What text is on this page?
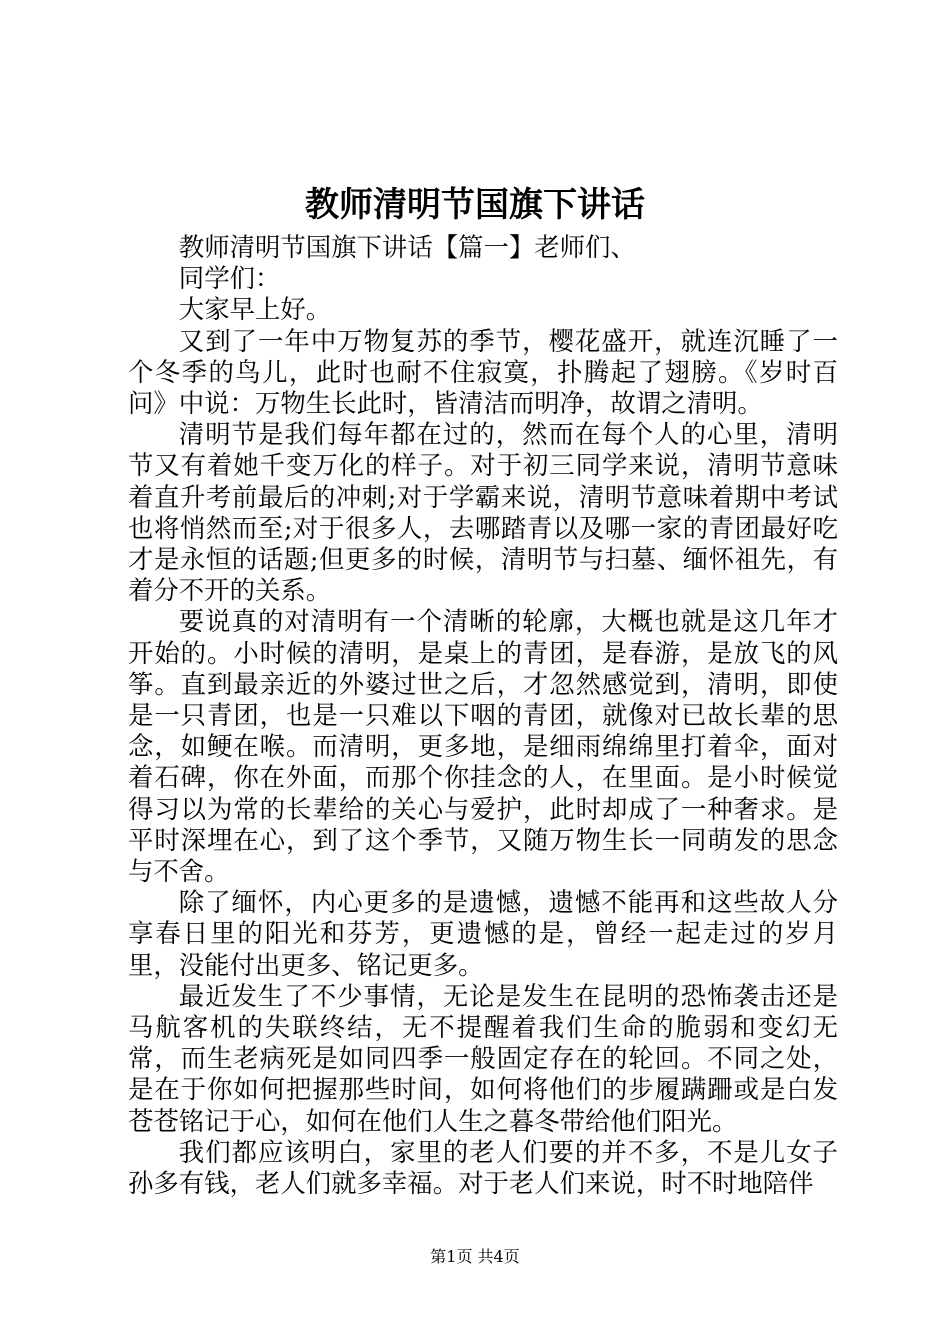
教师清明节国旗下讲话

教师清明节国旗下讲话【篇一】老师们、

同学们：

大家早上好。

又到了一年中万物复苏的季节，樱花盛开，就连沉睡了一个冬季的鸟儿，此时也耐不住寂寞，扑腾起了翅膀。《岁时百问》中说：万物生长此时，皆清洁而明净，故谓之清明。

清明节是我们每年都在过的，然而在每个人的心里，清明节又有着她千变万化的样子。对于初三同学来说，清明节意味着直升考前最后的冲刺;对于学霸来说，清明节意味着期中考试也将悄然而至;对于很多人，去哪踏青以及哪一家的青团最好吃才是永恒的话题;但更多的时候，清明节与扫墓、缅怀祖先，有着分不开的关系。

要说真的对清明有一个清晰的轮廓，大概也就是这几年才开始的。小时候的清明，是桌上的青团，是春游，是放飞的风筝。直到最亲近的外婆过世之后，才忽然感觉到，清明，即使是一只青团，也是一只难以下咽的青团，就像对已故长辈的思念，如鲠在喉。而清明，更多地，是细雨绵绵里打着伞，面对着石碑，你在外面，而那个你挂念的人，在里面。是小时候觉得习以为常的长辈给的关心与爱护，此时却成了一种奢求。是平时深埋在心，到了这个季节，又随万物生长一同萌发的思念与不舍。

除了缅怀，内心更多的是遗憾，遗憾不能再和这些故人分享春日里的阳光和芬芳，更遗憾的是，曾经一起走过的岁月里，没能付出更多、铭记更多。

最近发生了不少事情，无论是发生在昆明的恐怖袭击还是马航客机的失联终结，无不提醒着我们生命的脆弱和变幻无常，而生老病死是如同四季一般固定存在的轮回。不同之处，是在于你如何把握那些时间，如何将他们的步履蹒跚或是白发苍苍铭记于心，如何在他们人生之暮冬带给他们阳光。

我们都应该明白，家里的老人们要的并不多，不是儿女子孙多有钱，老人们就多幸福。对于老人们来说，时不时地陪伴

第1页 共4页
